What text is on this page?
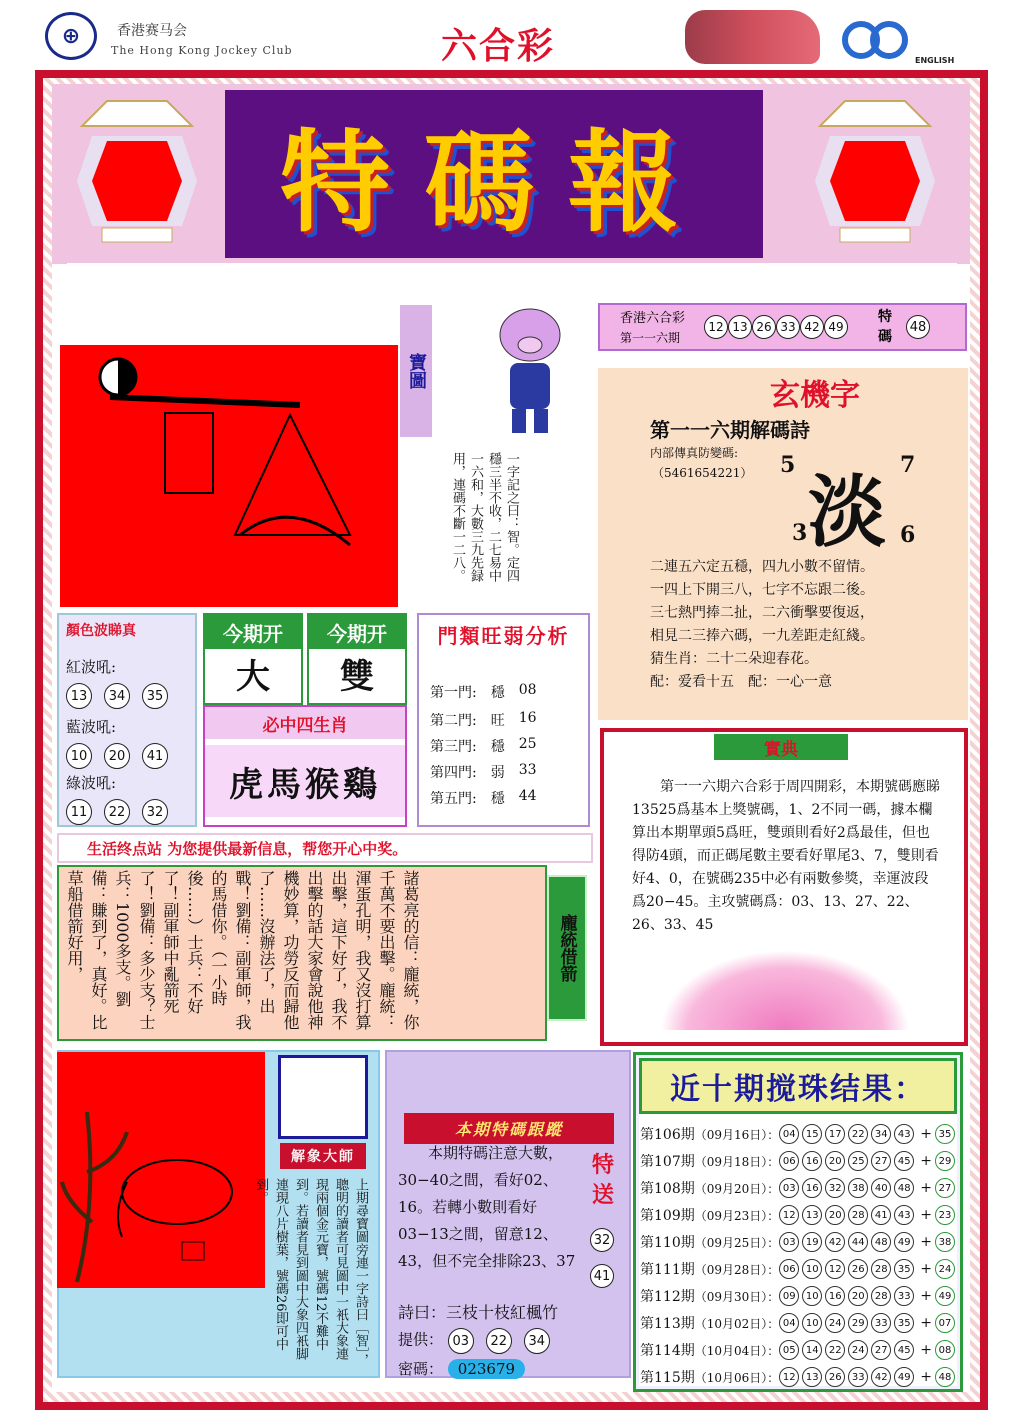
⊕	香港赛马会
The Hong Kong Jockey Club	六合彩	ENGLISH
特碼報
寶圖
一字記之曰：智。定四穩三半不收，二七易中一六和，大數三九先録用，連碼不斷一二八。
香港六合彩
第一一六期
12 13 26 33 42 49
特碼
48
玄機字
第一一六期解碼詩
内部傳真防變碼:
（5461654221） 淡
5	7
3	6
二連五六定五穩，四九小數不留情。
一四上下開三八，七字不忘跟二後。
三七熱門捧二扯，二六衝擊要復返，
相見二三捧六碼，一九差距走紅綫。
猜生肖：二十二朵迎春花。
配：爱看十五　配：一心一意
顏色波睇真
紅波吼:
13 34 35
藍波吼:
10 20 41
綠波吼:
11 22 32
今期开
大
今期开
雙
必中四生肖
虎馬猴鷄
門類旺弱分析
第一門: 穩 08
第二門: 旺 16
第三門: 穩 25
第四門: 弱 33
第五門: 穩 44
生活终点站 为您提供最新信息，帮您开心中奖。
諸葛亮的信：龐統，你千萬不要出擊。龐統：渾蛋孔明，我又沒打算出擊，這下好了，我不出擊的話大家會說他神機妙算，功勞反而歸他了……沒辦法了，出戰！劉備：副軍師，我的馬借你。（一小時後……）士兵：不好了！副軍師中亂箭死了！劉備：多少支？士兵：1000多支。劉備：賺到了，真好。比草船借箭好用，	龐統借箭
實典
第一一六期六合彩于周四開彩，本期號碼應睇13525爲基本上獎號碼，1、2不同一碼，據本欄算出本期單頭5爲旺，雙頭則看好2爲最佳，但也得防4頭，而正碼尾數主要看好單尾3、7，雙則看好4、0，在號碼235中必有兩數參獎，幸運波段爲20−45。主攻號碼爲：03、13、27、22、26、33、45
解象大師
上期尋寶圖旁連一字詩曰［智］，聰明的讀者可見圖中一衹大象連現兩個金元寶，號碼12不難中到。若讀者見到圖中大象四衹脚連現八片樹葉，號碼26即可中到。
本期特碼跟蹤
本期特碼注意大數，30−40之間，看好02、16。若轉小數則看好03−13之間，留意12、43，但不完全排除23、37
特送
32
41
詩曰：三枝十枝紅楓竹
提供： 03 22 34
密碼： 023679
近十期搅珠结果：
第106期 （09月16日）： 04	15	17	22	34	43 + 35
第107期 （09月18日）： 06	16	20	25	27	45 + 29
第108期 （09月20日）： 03	16	32	38	40	48 + 27
第109期 （09月23日）： 12	13	20	28	41	43 + 23
第110期 （09月25日）： 03	19	42	44	48	49 + 38
第111期 （09月28日）： 06	10	12	26	28	35 + 24
第112期 （09月30日）： 09	10	16	20	28	33 + 49
第113期 （10月02日）： 04	10	24	29	33	35 + 07
第114期 （10月04日）： 05	14	22	24	27	45 + 08
第115期 （10月06日）： 12	13	26	33	42	49 + 48
